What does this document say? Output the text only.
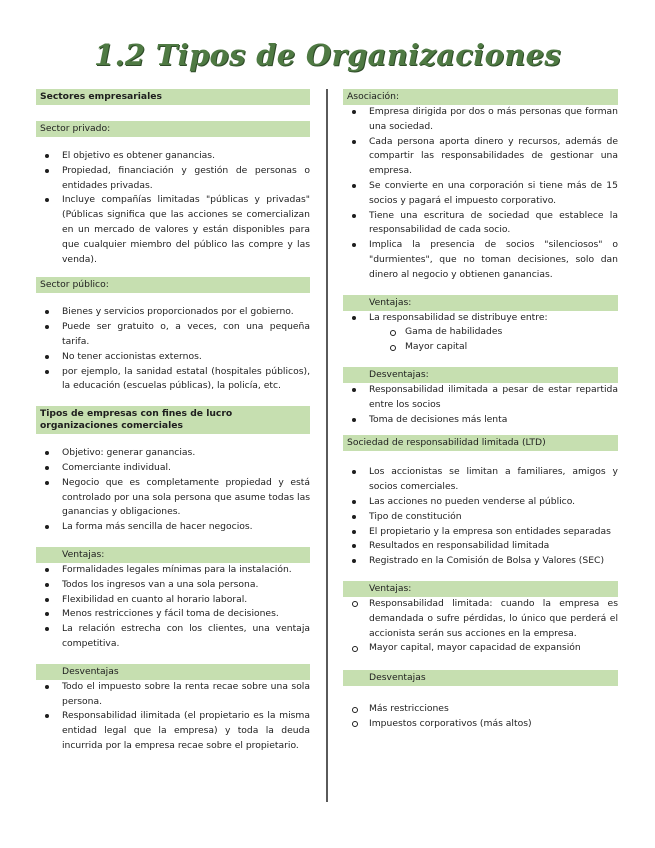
1.2 Tipos de Organizaciones
Sectores empresariales
Sector privado:
El objetivo es obtener ganancias.
Propiedad, financiación y gestión de personas o entidades privadas.
Incluye compañías limitadas "públicas y privadas" (Públicas significa que las acciones se comercializan en un mercado de valores y están disponibles para que cualquier miembro del público las compre y las venda).
Sector público:
Bienes y servicios proporcionados por el gobierno.
Puede ser gratuito o, a veces, con una pequeña tarifa.
No tener accionistas externos.
por ejemplo, la sanidad estatal (hospitales públicos), la educación (escuelas públicas), la policía, etc.
Tipos de empresas con fines de lucro organizaciones comerciales
Objetivo: generar ganancias.
Comerciante individual.
Negocio que es completamente propiedad y está controlado por una sola persona que asume todas las ganancias y obligaciones.
La forma más sencilla de hacer negocios.
Ventajas:
Formalidades legales mínimas para la instalación.
Todos los ingresos van a una sola persona.
Flexibilidad en cuanto al horario laboral.
Menos restricciones y fácil toma de decisiones.
La relación estrecha con los clientes, una ventaja competitiva.
Desventajas
Todo el impuesto sobre la renta recae sobre una sola persona.
Responsabilidad ilimitada (el propietario es la misma entidad legal que la empresa) y toda la deuda incurrida por la empresa recae sobre el propietario.
Asociación:
Empresa dirigida por dos o más personas que forman una sociedad.
Cada persona aporta dinero y recursos, además de compartir las responsabilidades de gestionar una empresa.
Se convierte en una corporación si tiene más de 15 socios y pagará el impuesto corporativo.
Tiene una escritura de sociedad que establece la responsabilidad de cada socio.
Implica la presencia de socios "silenciosos" o "durmientes", que no toman decisiones, solo dan dinero al negocio y obtienen ganancias.
Ventajas:
La responsabilidad se distribuye entre:
Gama de habilidades
Mayor capital
Desventajas:
Responsabilidad ilimitada a pesar de estar repartida entre los socios
Toma de decisiones más lenta
Sociedad de responsabilidad limitada (LTD)
Los accionistas se limitan a familiares, amigos y socios comerciales.
Las acciones no pueden venderse al público.
Tipo de constitución
El propietario y la empresa son entidades separadas
Resultados en responsabilidad limitada
Registrado en la Comisión de Bolsa y Valores (SEC)
Ventajas:
Responsabilidad limitada: cuando la empresa es demandada o sufre pérdidas, lo único que perderá el accionista serán sus acciones en la empresa.
Mayor capital, mayor capacidad de expansión
Desventajas
Más restricciones
Impuestos corporativos (más altos)
